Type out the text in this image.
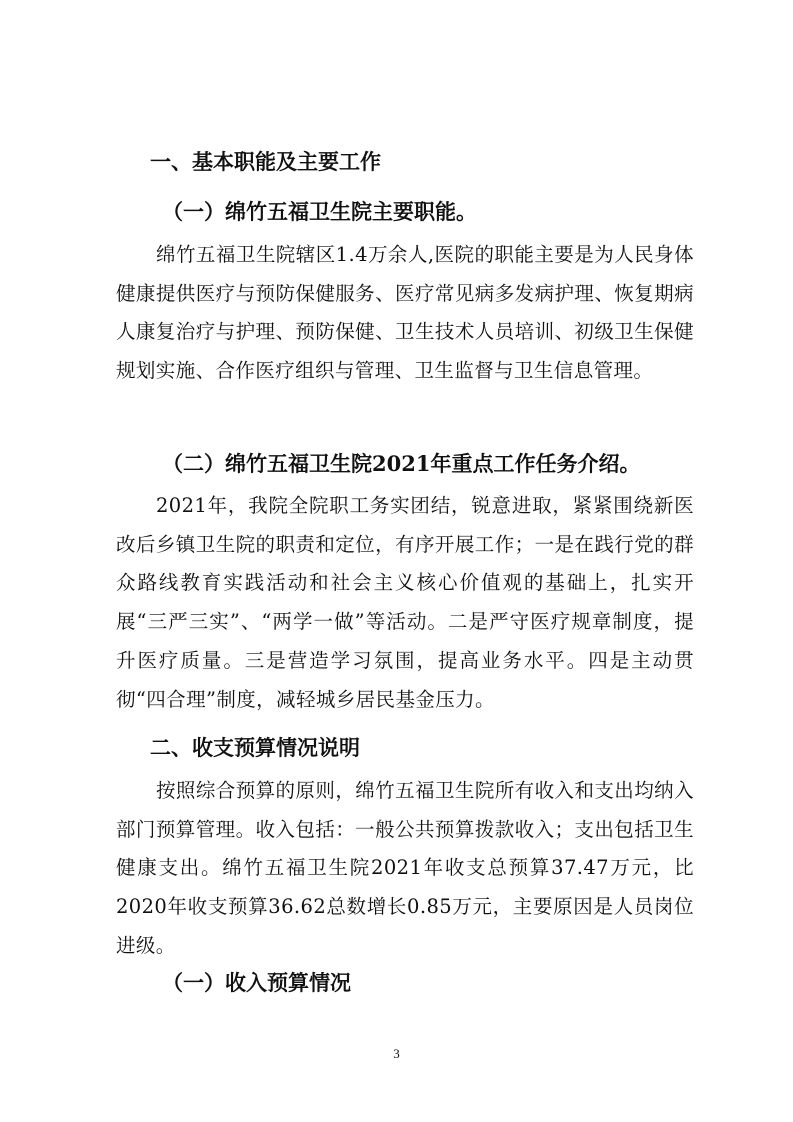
一、基本职能及主要工作
（一）绵竹五福卫生院主要职能。

绵竹五福卫生院辖区1.4万余人,医院的职能主要是为人民身体健康提供医疗与预防保健服务、医疗常见病多发病护理、恢复期病人康复治疗与护理、预防保健、卫生技术人员培训、初级卫生保健规划实施、合作医疗组织与管理、卫生监督与卫生信息管理。

（二）绵竹五福卫生院2021年重点工作任务介绍。

2021年，我院全院职工务实团结，锐意进取，紧紧围绕新医改后乡镇卫生院的职责和定位，有序开展工作；一是在践行党的群众路线教育实践活动和社会主义核心价值观的基础上，扎实开展“三严三实”、“两学一做”等活动。二是严守医疗规章制度，提升医疗质量。三是营造学习氛围，提高业务水平。四是主动贯彻“四合理”制度，减轻城乡居民基金压力。

二、收支预算情况说明

按照综合预算的原则，绵竹五福卫生院所有收入和支出均纳入部门预算管理。收入包括：一般公共预算拨款收入；支出包括卫生健康支出。绵竹五福卫生院2021年收支总预算37.47万元，比2020年收支预算36.62总数增长0.85万元，主要原因是人员岗位进级。

（一）收入预算情况
3
